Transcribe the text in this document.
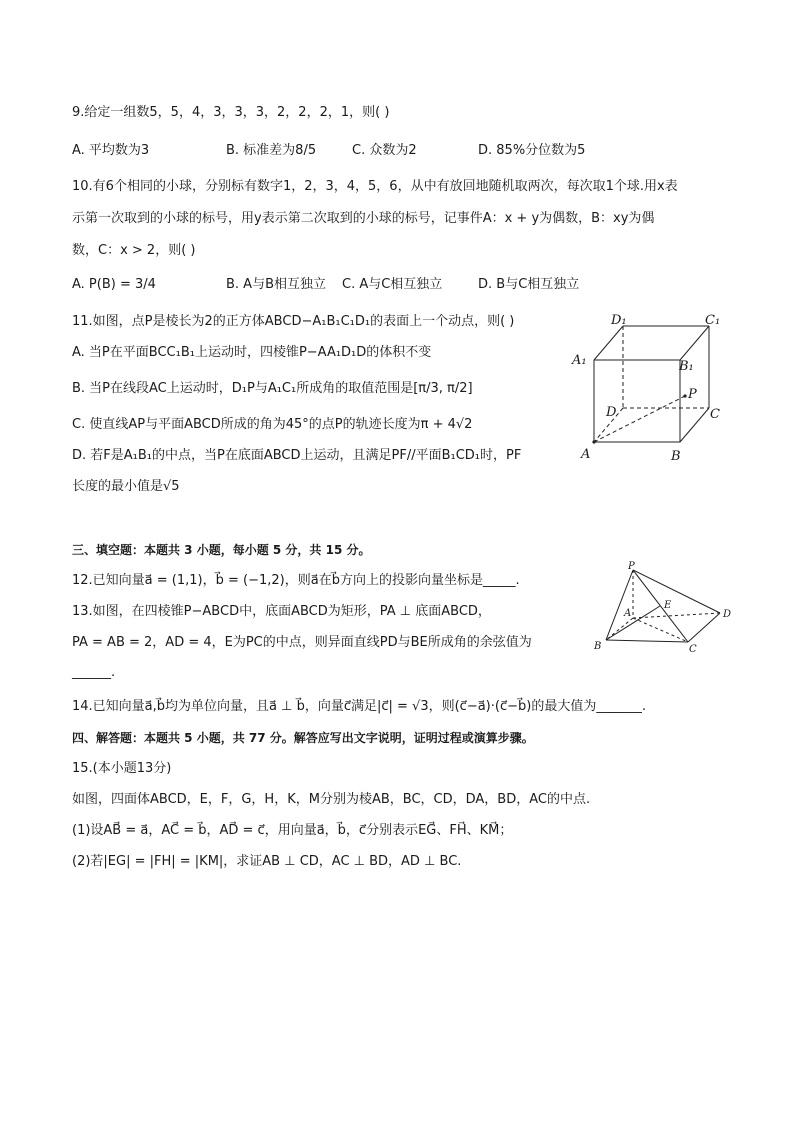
9.给定一组数5，5，4，3，3，3，2，2，2，1，则( )
A. 平均数为3	B. 标准差为8/5	C. 众数为2	D. 85%分位数为5
10.有6个相同的小球，分别标有数字1，2，3，4，5，6，从中有放回地随机取两次，每次取1个球.用x表
示第一次取到的小球的标号，用y表示第二次取到的小球的标号，记事件A：x + y为偶数，B：xy为偶
数，C：x > 2，则( )
A. P(B) = 3/4	B. A与B相互独立 C. A与C相互独立	D. B与C相互独立
11.如图，点P是棱长为2的正方体ABCD−A₁B₁C₁D₁的表面上一个动点，则( )
A. 当P在平面BCC₁B₁上运动时，四棱锥P−AA₁D₁D的体积不变
B. 当P在线段AC上运动时，D₁P与A₁C₁所成角的取值范围是[π/3, π/2]
C. 使直线AP与平面ABCD所成的角为45°的点P的轨迹长度为π + 4√2
D. 若F是A₁B₁的中点，当P在底面ABCD上运动，且满足PF//平面B₁CD₁时，PF
长度的最小值是√5
D₁	C₁
A₁	B₁
P
D	C
A	B
三、填空题：本题共 3 小题，每小题 5 分，共 15 分。
12.已知向量a⃗ = (1,1)，b⃗ = (−1,2)，则a⃗在b⃗方向上的投影向量坐标是_____.
13.如图，在四棱锥P−ABCD中，底面ABCD为矩形，PA ⊥ 底面ABCD，
PA = AB = 2，AD = 4，E为PC的中点，则异面直线PD与BE所成角的余弦值为
______.
P
A
E
D
B	C
14.已知向量a⃗,b⃗均为单位向量，且a⃗ ⊥ b⃗，向量c⃗满足|c⃗| = √3，则(c⃗−a⃗)·(c⃗−b⃗)的最大值为_______.
四、解答题：本题共 5 小题，共 77 分。解答应写出文字说明，证明过程或演算步骤。
15.(本小题13分)
如图，四面体ABCD，E，F，G，H，K，M分别为棱AB，BC，CD，DA，BD，AC的中点.
(1)设AB⃗ = a⃗，AC⃗ = b⃗，AD⃗ = c⃗，用向量a⃗，b⃗，c⃗分别表示EG⃗、FH⃗、KM⃗；
(2)若|EG| = |FH| = |KM|，求证AB ⊥ CD，AC ⊥ BD，AD ⊥ BC.
